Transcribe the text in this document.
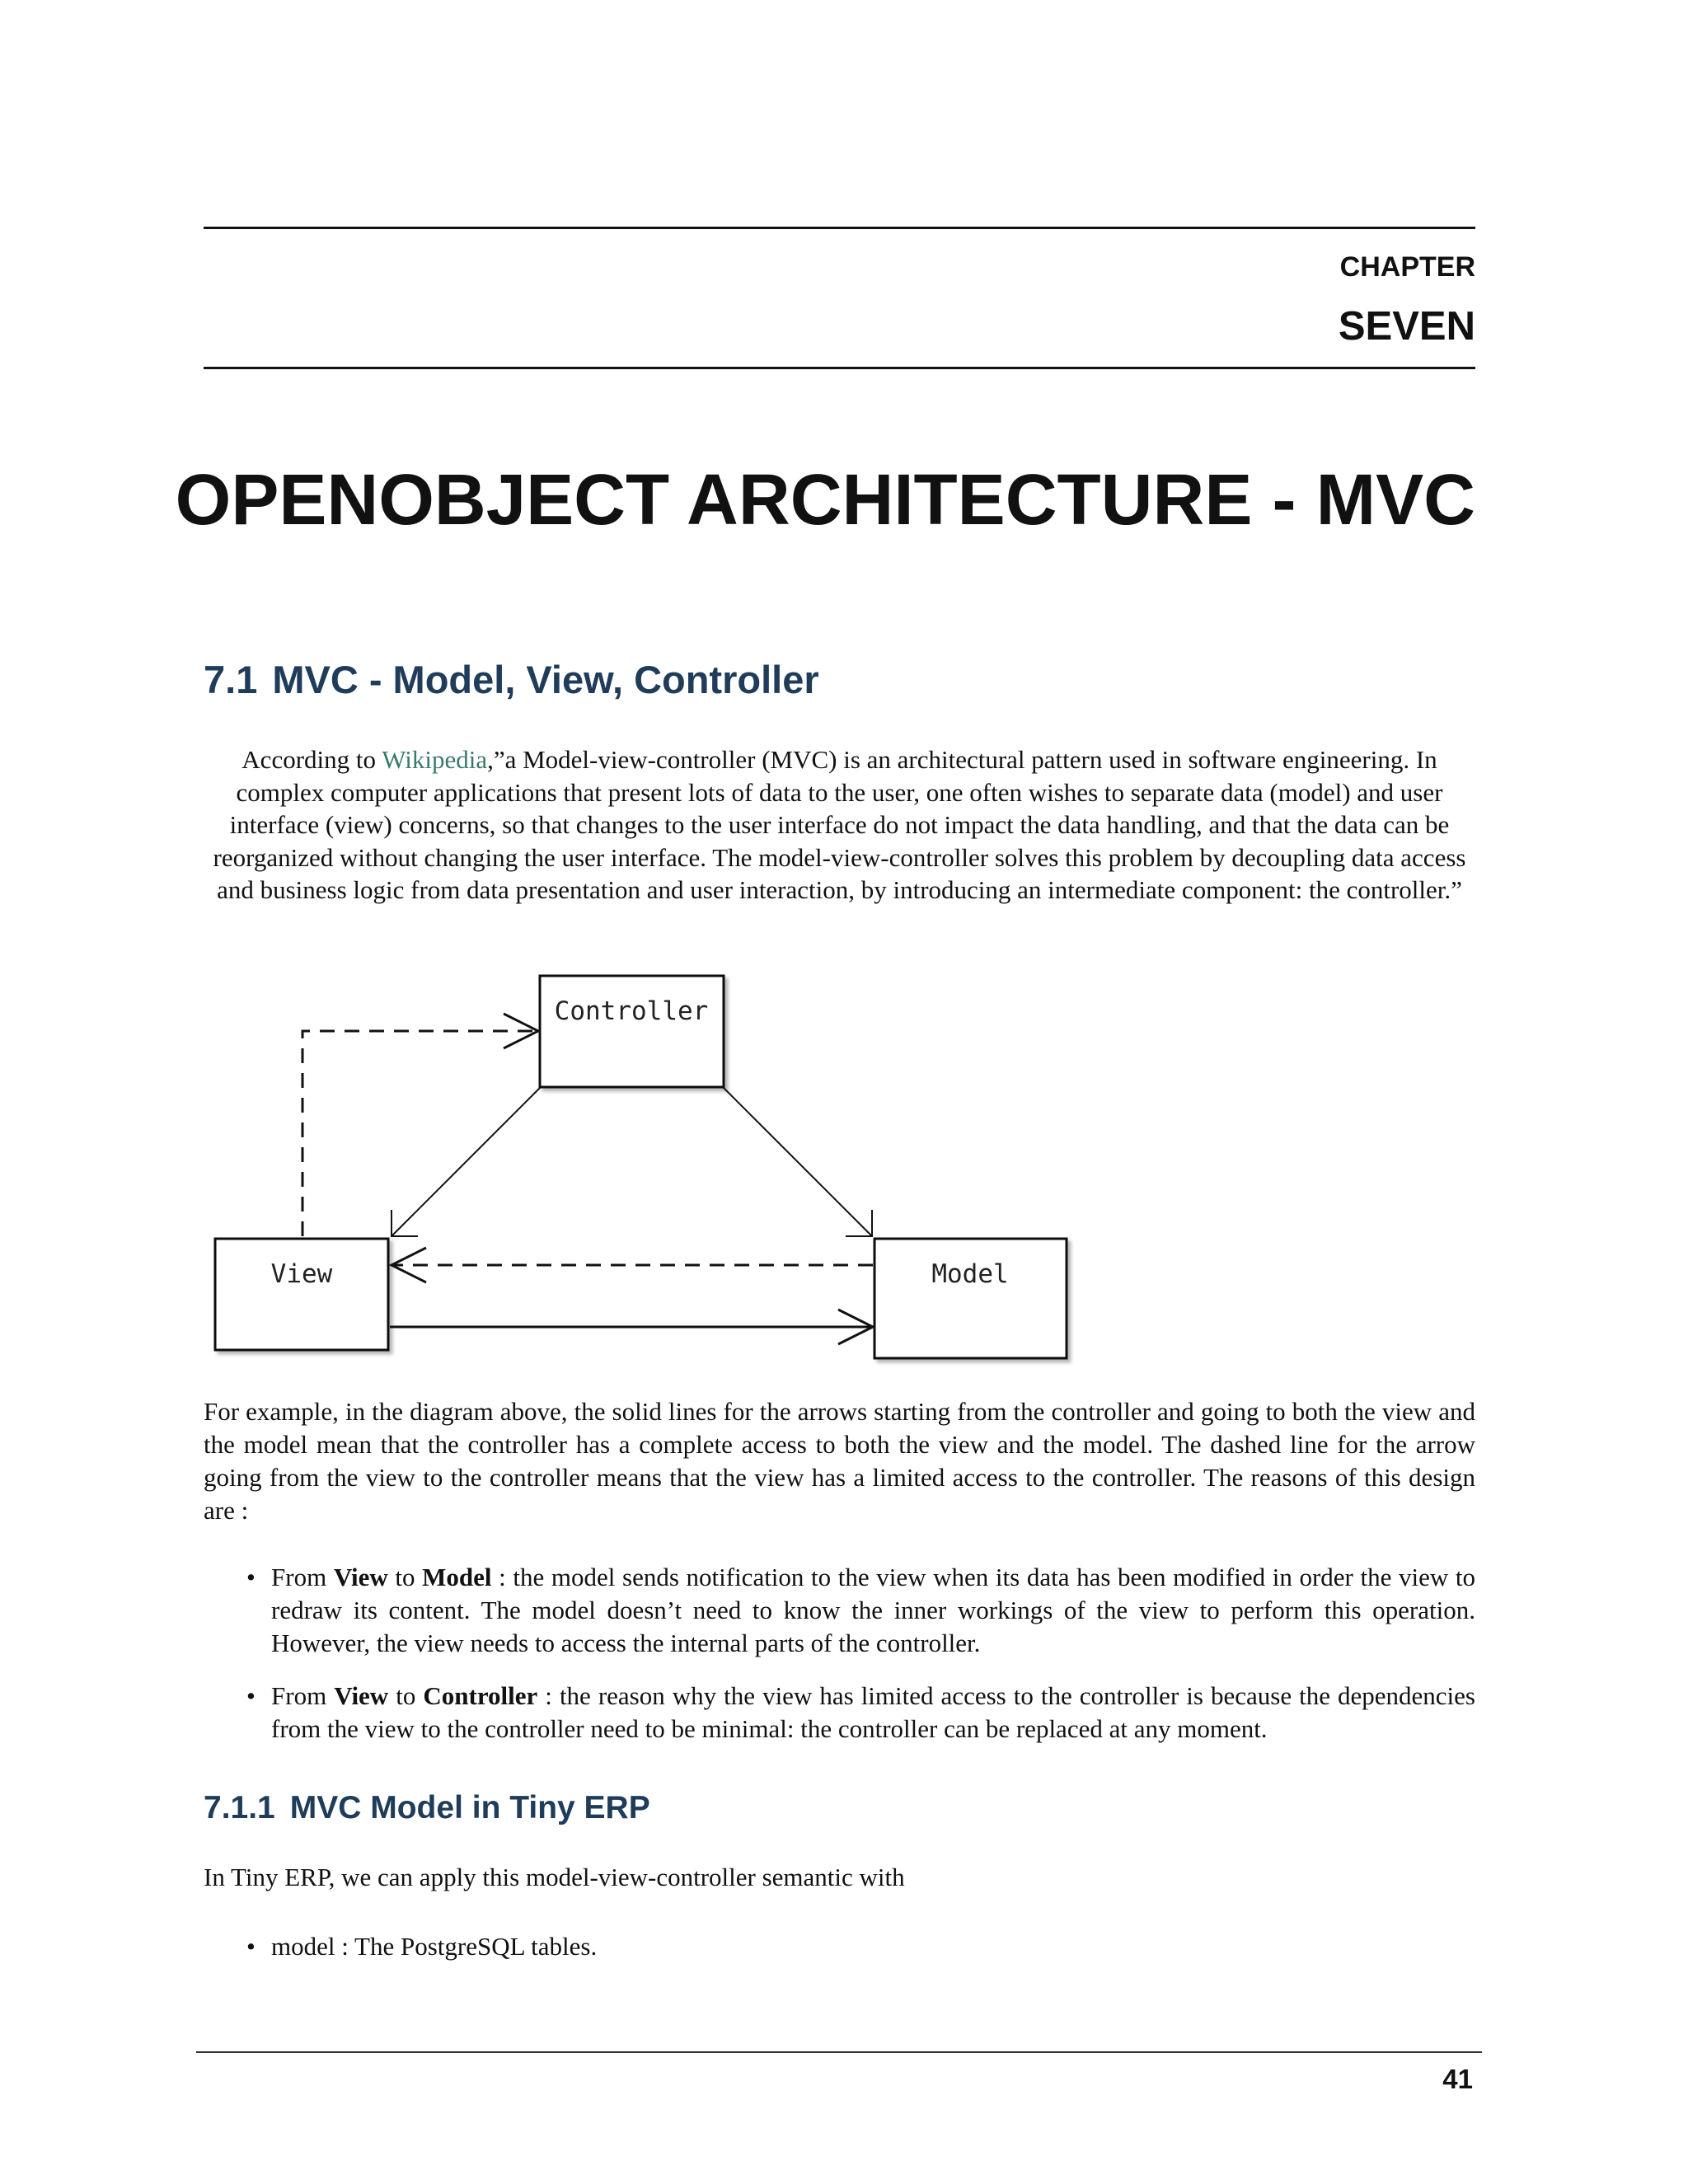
CHAPTER
SEVEN
OPENOBJECT ARCHITECTURE - MVC
7.1 MVC - Model, View, Controller
According to Wikipedia,”a Model-view-controller (MVC) is an architectural pattern used in software engineering. In complex computer applications that present lots of data to the user, one often wishes to separate data (model) and user interface (view) concerns, so that changes to the user interface do not impact the data handling, and that the data can be reorganized without changing the user interface. The model-view-controller solves this problem by decoupling data access and business logic from data presentation and user interaction, by introducing an intermediate component: the controller.”
Controller
View	Model
For example, in the diagram above, the solid lines for the arrows starting from the controller and going to both the view and the model mean that the controller has a complete access to both the view and the model. The dashed line for the arrow going from the view to the controller means that the view has a limited access to the controller. The reasons of this design are :
• From View to Model : the model sends notification to the view when its data has been modified in order the view to redraw its content. The model doesn’t need to know the inner workings of the view to perform this operation. However, the view needs to access the internal parts of the controller.
• From View to Controller : the reason why the view has limited access to the controller is because the dependencies from the view to the controller need to be minimal: the controller can be replaced at any moment.
7.1.1 MVC Model in Tiny ERP
In Tiny ERP, we can apply this model-view-controller semantic with
• model : The PostgreSQL tables.
41
